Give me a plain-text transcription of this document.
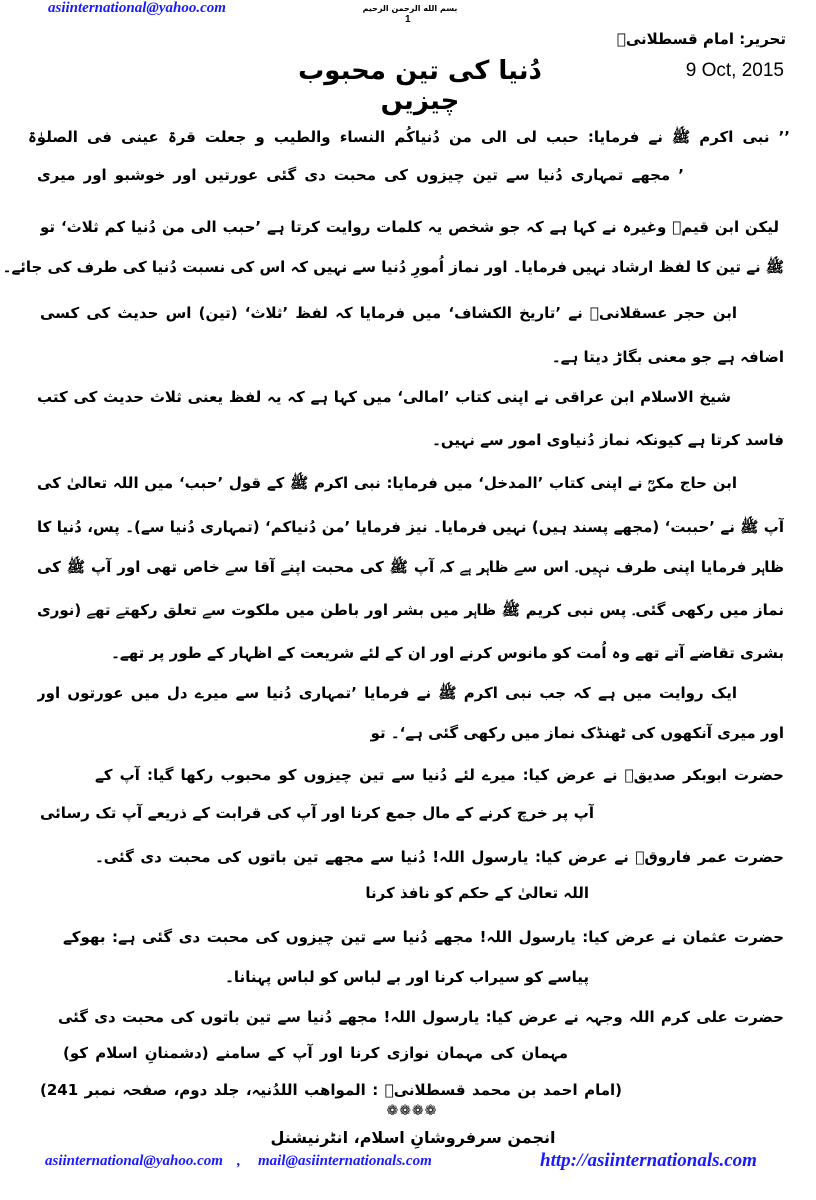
asiinternational@yahoo.com	بسم الله الرحمن الرحيم
1
تحریر: امام قسطلانیؒ
9 Oct, 2015
دُنیا کی تین محبوب چیزیں
’’ نبی اکرم ﷺ نے فرمایا: حبب لی الی من دُنیاکُم النساء والطیب و جعلت قرۃ عینی فی الصلوٰۃ
’ مجھے تمہاری دُنیا سے تین چیزوں کی محبت دی گئی عورتیں اور خوشبو اور میری
لیکن ابن قیمؒ وغیرہ نے کہا ہے کہ جو شخص یہ کلمات روایت کرتا ہے ’حبب الی من دُنیا کم ثلاث‘ تو
ﷺ نے تین کا لفظ ارشاد نہیں فرمایا۔ اور نماز اُمورِ دُنیا سے نہیں کہ اس کی نسبت دُنیا کی طرف کی جائے۔
ابن حجر عسقلانیؒ نے ’تاریخ الکشاف‘ میں فرمایا کہ لفظ ’ثلاث‘ (تین) اس حدیث کی کسی
اضافہ ہے جو معنی بگاڑ دیتا ہے۔
شیخ الاسلام ابن عراقی نے اپنی کتاب ’امالی‘ میں کہا ہے کہ یہ لفظ یعنی ثلاث حدیث کی کتب
فاسد کرتا ہے کیونکہ نماز دُنیاوی امور سے نہیں۔
ابن حاج مکیؒ نے اپنی کتاب ’المدخل‘ میں فرمایا: نبی اکرم ﷺ کے قول ’حبب‘ میں اللہ تعالیٰ کی
آپ ﷺ نے ’حببت‘ (مجھے پسند ہیں) نہیں فرمایا۔ نیز فرمایا ’من دُنیاکم‘ (تمہاری دُنیا سے)۔ پس، دُنیا کا
ظاہر فرمایا اپنی طرف نہیں۔ اس سے ظاہر ہے کہ آپ ﷺ کی محبت اپنے آقا سے خاص تھی اور آپ ﷺ کی
نماز میں رکھی گئی۔ پس نبی کریم ﷺ ظاہر میں بشر اور باطن میں ملکوت سے تعلق رکھتے تھے (نوری
بشری تقاضے آتے تھے وہ اُمت کو مانوس کرنے اور ان کے لئے شریعت کے اظہار کے طور پر تھے۔
ایک روایت میں ہے کہ جب نبی اکرم ﷺ نے فرمایا ’تمہاری دُنیا سے میرے دل میں عورتوں اور
اور میری آنکھوں کی ٹھنڈک نماز میں رکھی گئی ہے‘۔ تو
حضرت ابوبکر صدیقؓ نے عرض کیا: میرے لئے دُنیا سے تین چیزوں کو محبوب رکھا گیا: آپ کے
آپ پر خرچ کرنے کے مال جمع کرنا اور آپ کی قرابت کے ذریعے آپ تک رسائی
حضرت عمر فاروقؓ نے عرض کیا: یارسول اللہ! دُنیا سے مجھے تین باتوں کی محبت دی گئی۔
اللہ تعالیٰ کے حکم کو نافذ کرنا
حضرت عثمان نے عرض کیا: یارسول اللہ! مجھے دُنیا سے تین چیزوں کی محبت دی گئی ہے: بھوکے
پیاسے کو سیراب کرنا اور بے لباس کو لباس پہنانا۔
حضرت علی کرم اللہ وجہہ نے عرض کیا: یارسول اللہ! مجھے دُنیا سے تین باتوں کی محبت دی گئی
مہمان کی مہمان نوازی کرنا اور آپ کے سامنے (دشمنانِ اسلام کو)
(امام احمد بن محمد قسطلانیؒ : المواھب اللدُنیہ، جلد دوم، صفحہ نمبر 241)
❁❁❁❁
انجمن سرفروشانِ اسلام، انٹرنیشنل
asiinternational@yahoo.com , mail@asiinternationals.com	http://asiinternationals.com
